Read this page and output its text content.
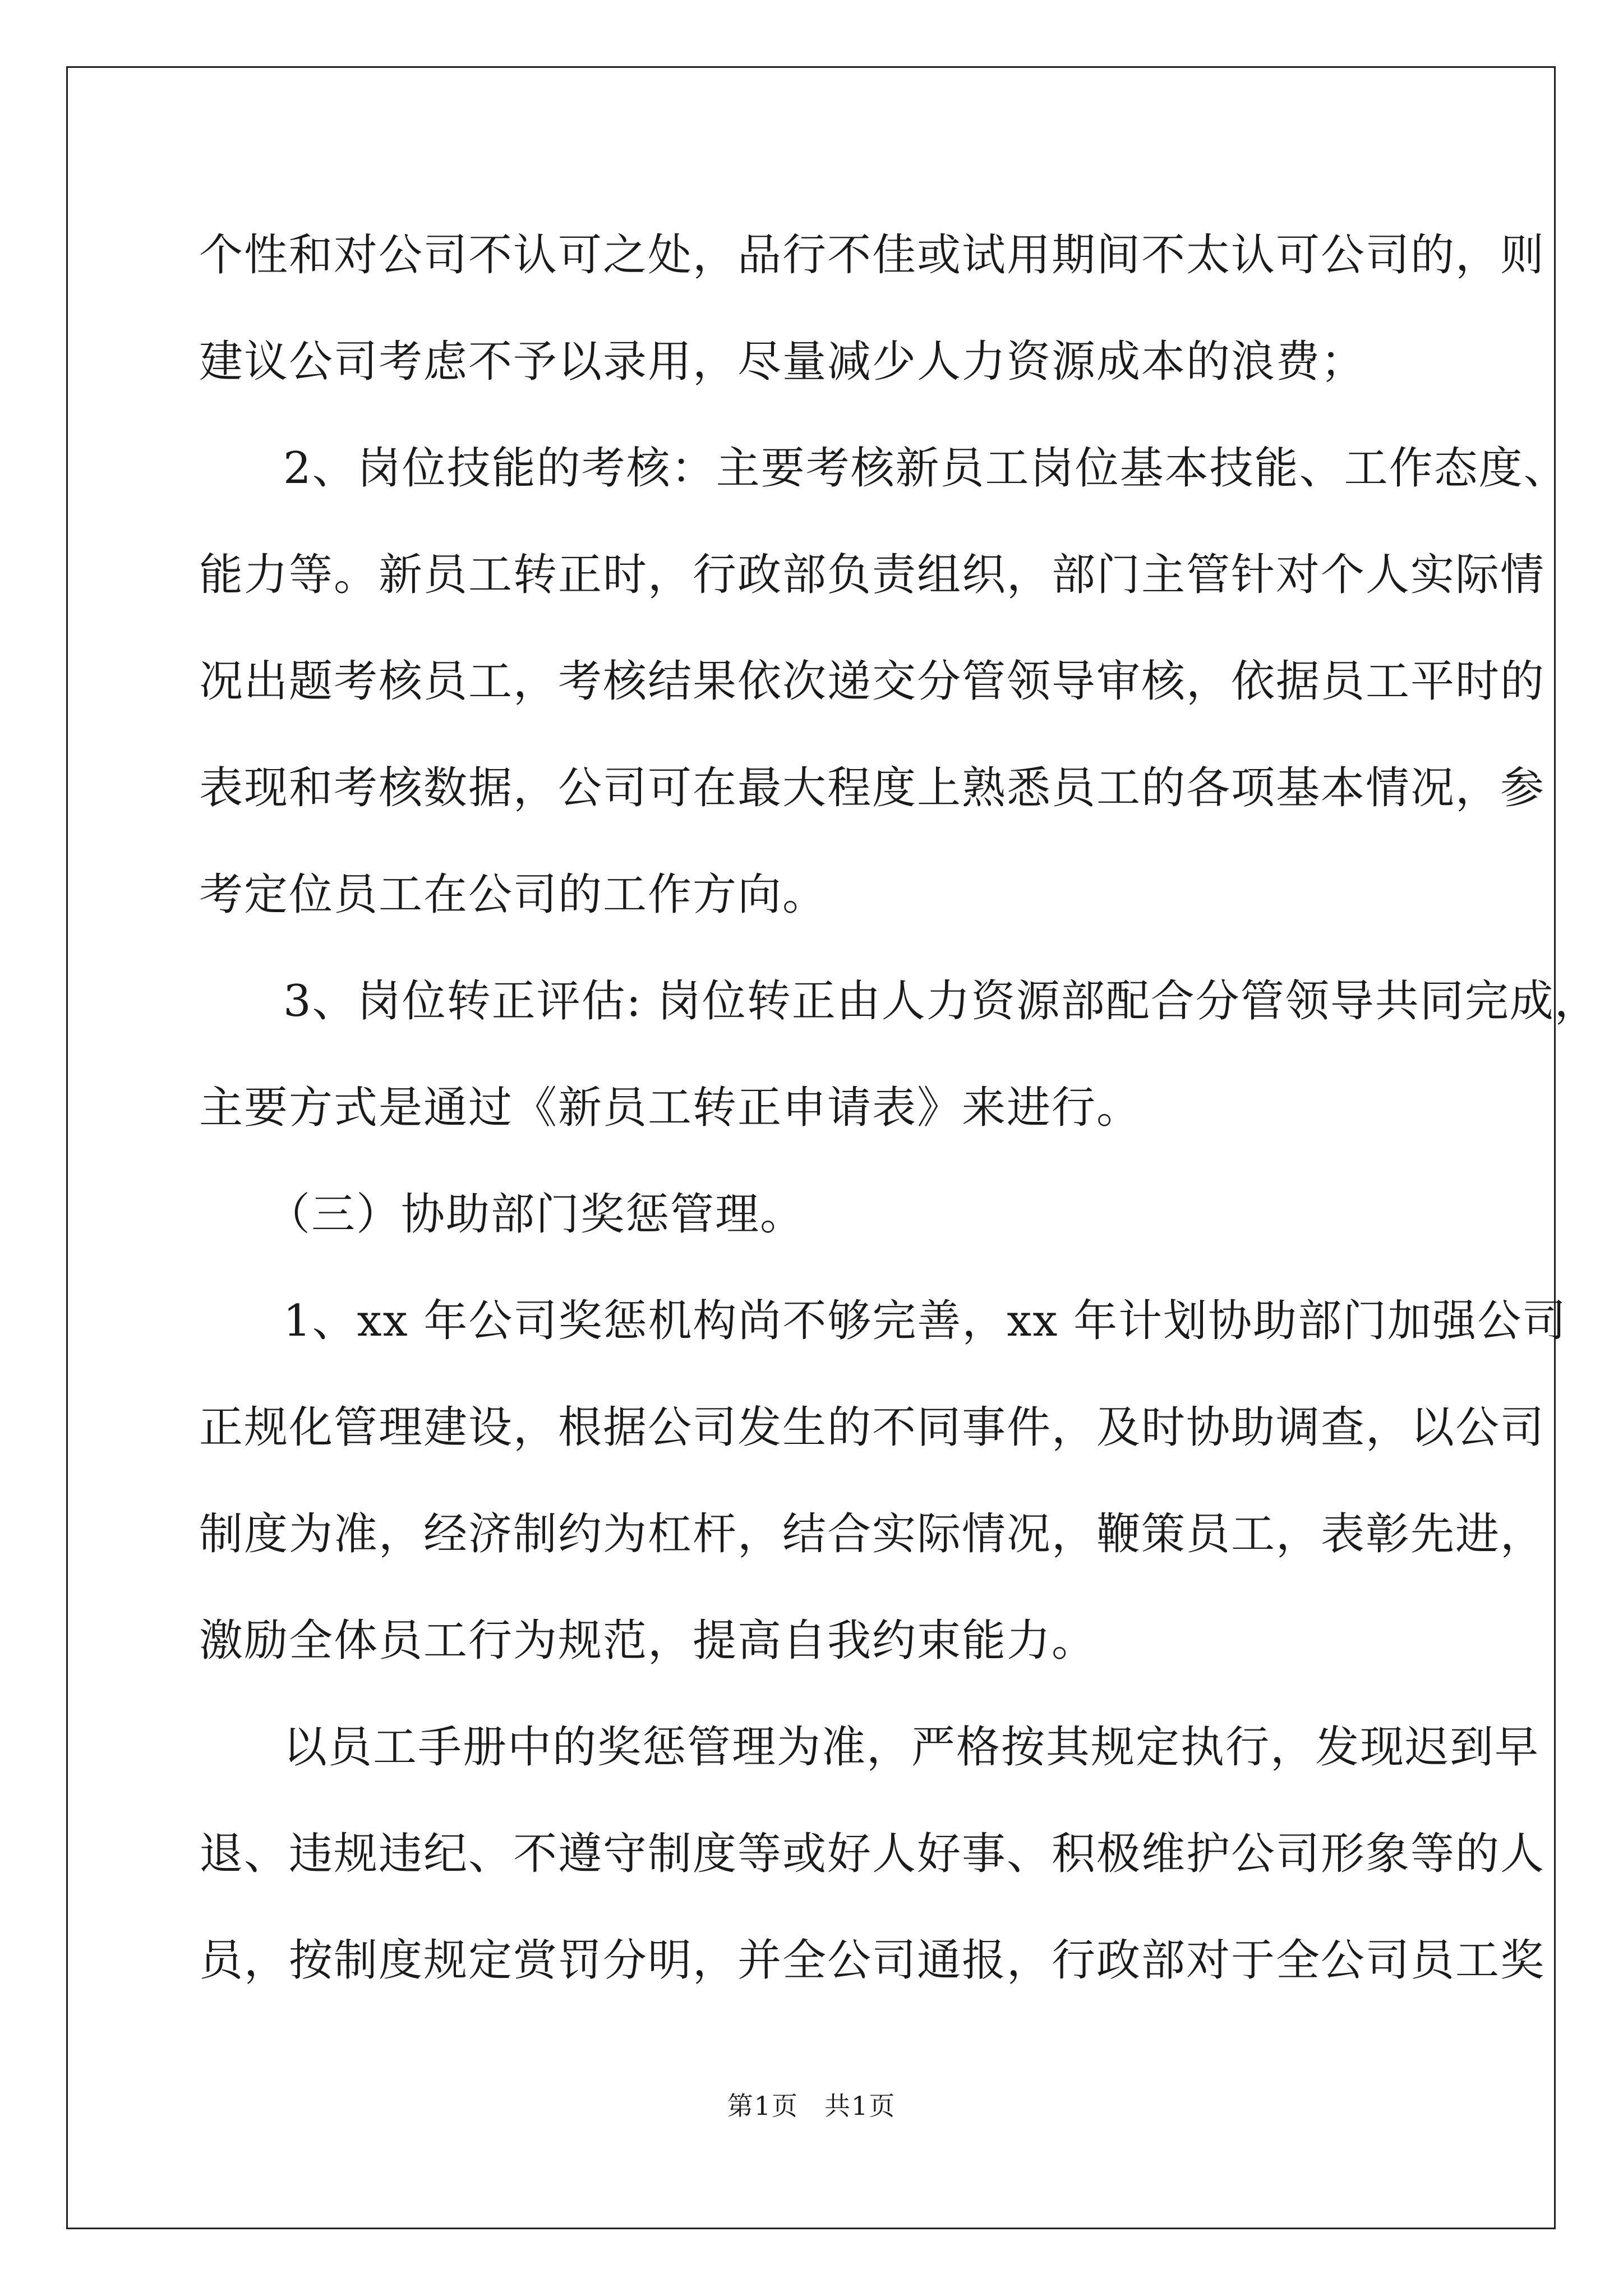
个性和对公司不认可之处，品行不佳或试用期间不太认可公司的，则
建议公司考虑不予以录用，尽量减少人力资源成本的浪费；

2、岗位技能的考核：主要考核新员工岗位基本技能、工作态度、
能力等。新员工转正时，行政部负责组织，部门主管针对个人实际情
况出题考核员工，考核结果依次递交分管领导审核，依据员工平时的
表现和考核数据，公司可在最大程度上熟悉员工的各项基本情况，参
考定位员工在公司的工作方向。

3、岗位转正评估: 岗位转正由人力资源部配合分管领导共同完成，
主要方式是通过《新员工转正申请表》来进行。

（三）协助部门奖惩管理。

1、xx 年公司奖惩机构尚不够完善，xx 年计划协助部门加强公司
正规化管理建设，根据公司发生的不同事件，及时协助调查，以公司
制度为准，经济制约为杠杆，结合实际情况，鞭策员工，表彰先进，
激励全体员工行为规范，提高自我约束能力。

以员工手册中的奖惩管理为准，严格按其规定执行，发现迟到早
退、违规违纪、不遵守制度等或好人好事、积极维护公司形象等的人
员，按制度规定赏罚分明，并全公司通报，行政部对于全公司员工奖

第1页 共1页
